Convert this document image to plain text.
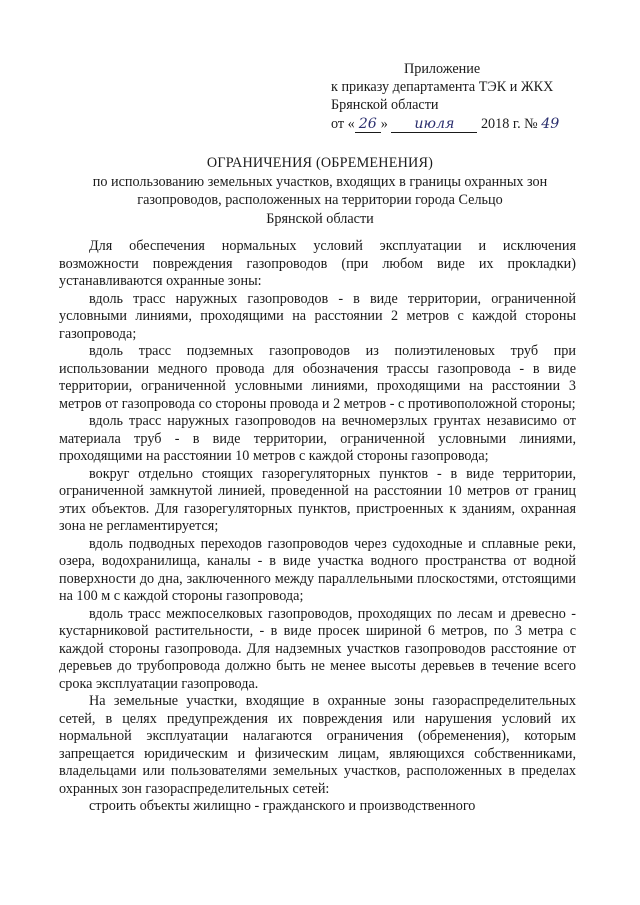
Приложение
к приказу департамента ТЭК и ЖКХ
Брянской области
от « 26 » июля 2018 г. № 49
ОГРАНИЧЕНИЯ (ОБРЕМЕНЕНИЯ)
по использованию земельных участков, входящих в границы охранных зон
газопроводов, расположенных на территории города Сельцо
Брянской области

Для обеспечения нормальных условий эксплуатации и исключения возможности повреждения газопроводов (при любом виде их прокладки) устанавливаются охранные зоны:

вдоль трасс наружных газопроводов - в виде территории, ограниченной условными линиями, проходящими на расстоянии 2 метров с каждой стороны газопровода;

вдоль трасс подземных газопроводов из полиэтиленовых труб при использовании медного провода для обозначения трассы газопровода - в виде территории, ограниченной условными линиями, проходящими на расстоянии 3 метров от газопровода со стороны провода и 2 метров - с противоположной стороны;

вдоль трасс наружных газопроводов на вечномерзлых грунтах независимо от материала труб - в виде территории, ограниченной условными линиями, проходящими на расстоянии 10 метров с каждой стороны газопровода;

вокруг отдельно стоящих газорегуляторных пунктов - в виде территории, ограниченной замкнутой линией, проведенной на расстоянии 10 метров от границ этих объектов. Для газорегуляторных пунктов, пристроенных к зданиям, охранная зона не регламентируется;

вдоль подводных переходов газопроводов через судоходные и сплавные реки, озера, водохранилища, каналы - в виде участка водного пространства от водной поверхности до дна, заключенного между параллельными плоскостями, отстоящими на 100 м с каждой стороны газопровода;

вдоль трасс межпоселковых газопроводов, проходящих по лесам и древесно - кустарниковой растительности, - в виде просек шириной 6 метров, по 3 метра с каждой стороны газопровода. Для надземных участков газопроводов расстояние от деревьев до трубопровода должно быть не менее высоты деревьев в течение всего срока эксплуатации газопровода.

На земельные участки, входящие в охранные зоны газораспределительных сетей, в целях предупреждения их повреждения или нарушения условий их нормальной эксплуатации налагаются ограничения (обременения), которым запрещается юридическим и физическим лицам, являющихся собственниками, владельцами или пользователями земельных участков, расположенных в пределах охранных зон газораспределительных сетей:

строить объекты жилищно - гражданского и производственного
